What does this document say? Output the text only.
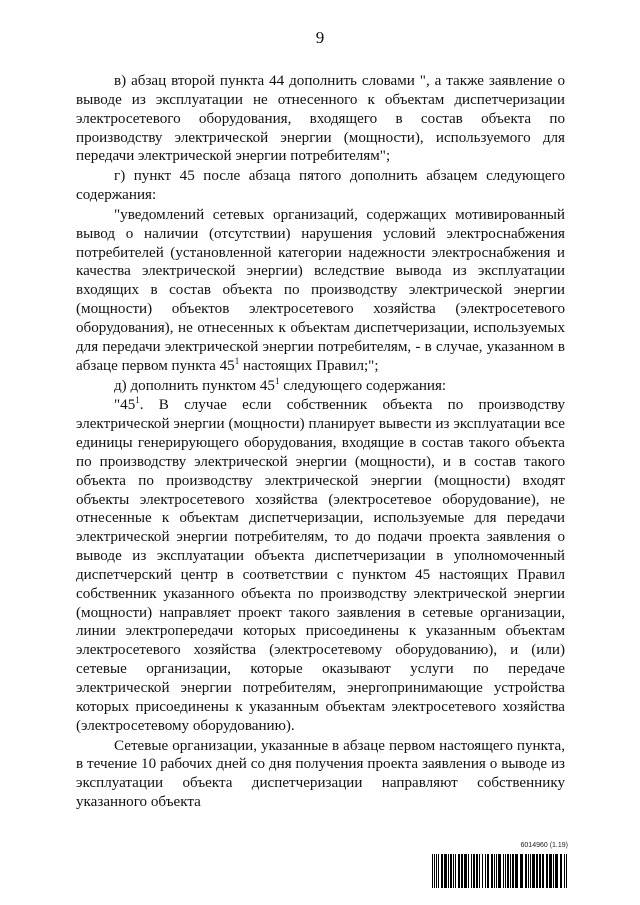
9

в) абзац второй пункта 44 дополнить словами ", а также заявление о выводе из эксплуатации не отнесенного к объектам диспетчеризации электросетевого оборудования, входящего в состав объекта по производству электрической энергии (мощности), используемого для передачи электрической энергии потребителям";

г) пункт 45 после абзаца пятого дополнить абзацем следующего содержания:

"уведомлений сетевых организаций, содержащих мотивированный вывод о наличии (отсутствии) нарушения условий электроснабжения потребителей (установленной категории надежности электроснабжения и качества электрической энергии) вследствие вывода из эксплуатации входящих в состав объекта по производству электрической энергии (мощности) объектов электросетевого хозяйства (электросетевого оборудования), не отнесенных к объектам диспетчеризации, используемых для передачи электрической энергии потребителям, - в случае, указанном в абзаце первом пункта $45^1$ настоящих Правил;";

д) дополнить пунктом $45^1$ следующего содержания:

"$45^1$. В случае если собственник объекта по производству электрической энергии (мощности) планирует вывести из эксплуатации все единицы генерирующего оборудования, входящие в состав такого объекта по производству электрической энергии (мощности), и в состав такого объекта по производству электрической энергии (мощности) входят объекты электросетевого хозяйства (электросетевое оборудование), не отнесенные к объектам диспетчеризации, используемые для передачи электрической энергии потребителям, то до подачи проекта заявления о выводе из эксплуатации объекта диспетчеризации в уполномоченный диспетчерский центр в соответствии с пунктом 45 настоящих Правил собственник указанного объекта по производству электрической энергии (мощности) направляет проект такого заявления в сетевые организации, линии электропередачи которых присоединены к указанным объектам электросетевого хозяйства (электросетевому оборудованию), и (или) сетевые организации, которые оказывают услуги по передаче электрической энергии потребителям, энергопринимающие устройства которых присоединены к указанным объектам электросетевого хозяйства (электросетевому оборудованию).

Сетевые организации, указанные в абзаце первом настоящего пункта, в течение 10 рабочих дней со дня получения проекта заявления о выводе из эксплуатации объекта диспетчеризации направляют собственнику указанного объекта

6014960 (1.19)
